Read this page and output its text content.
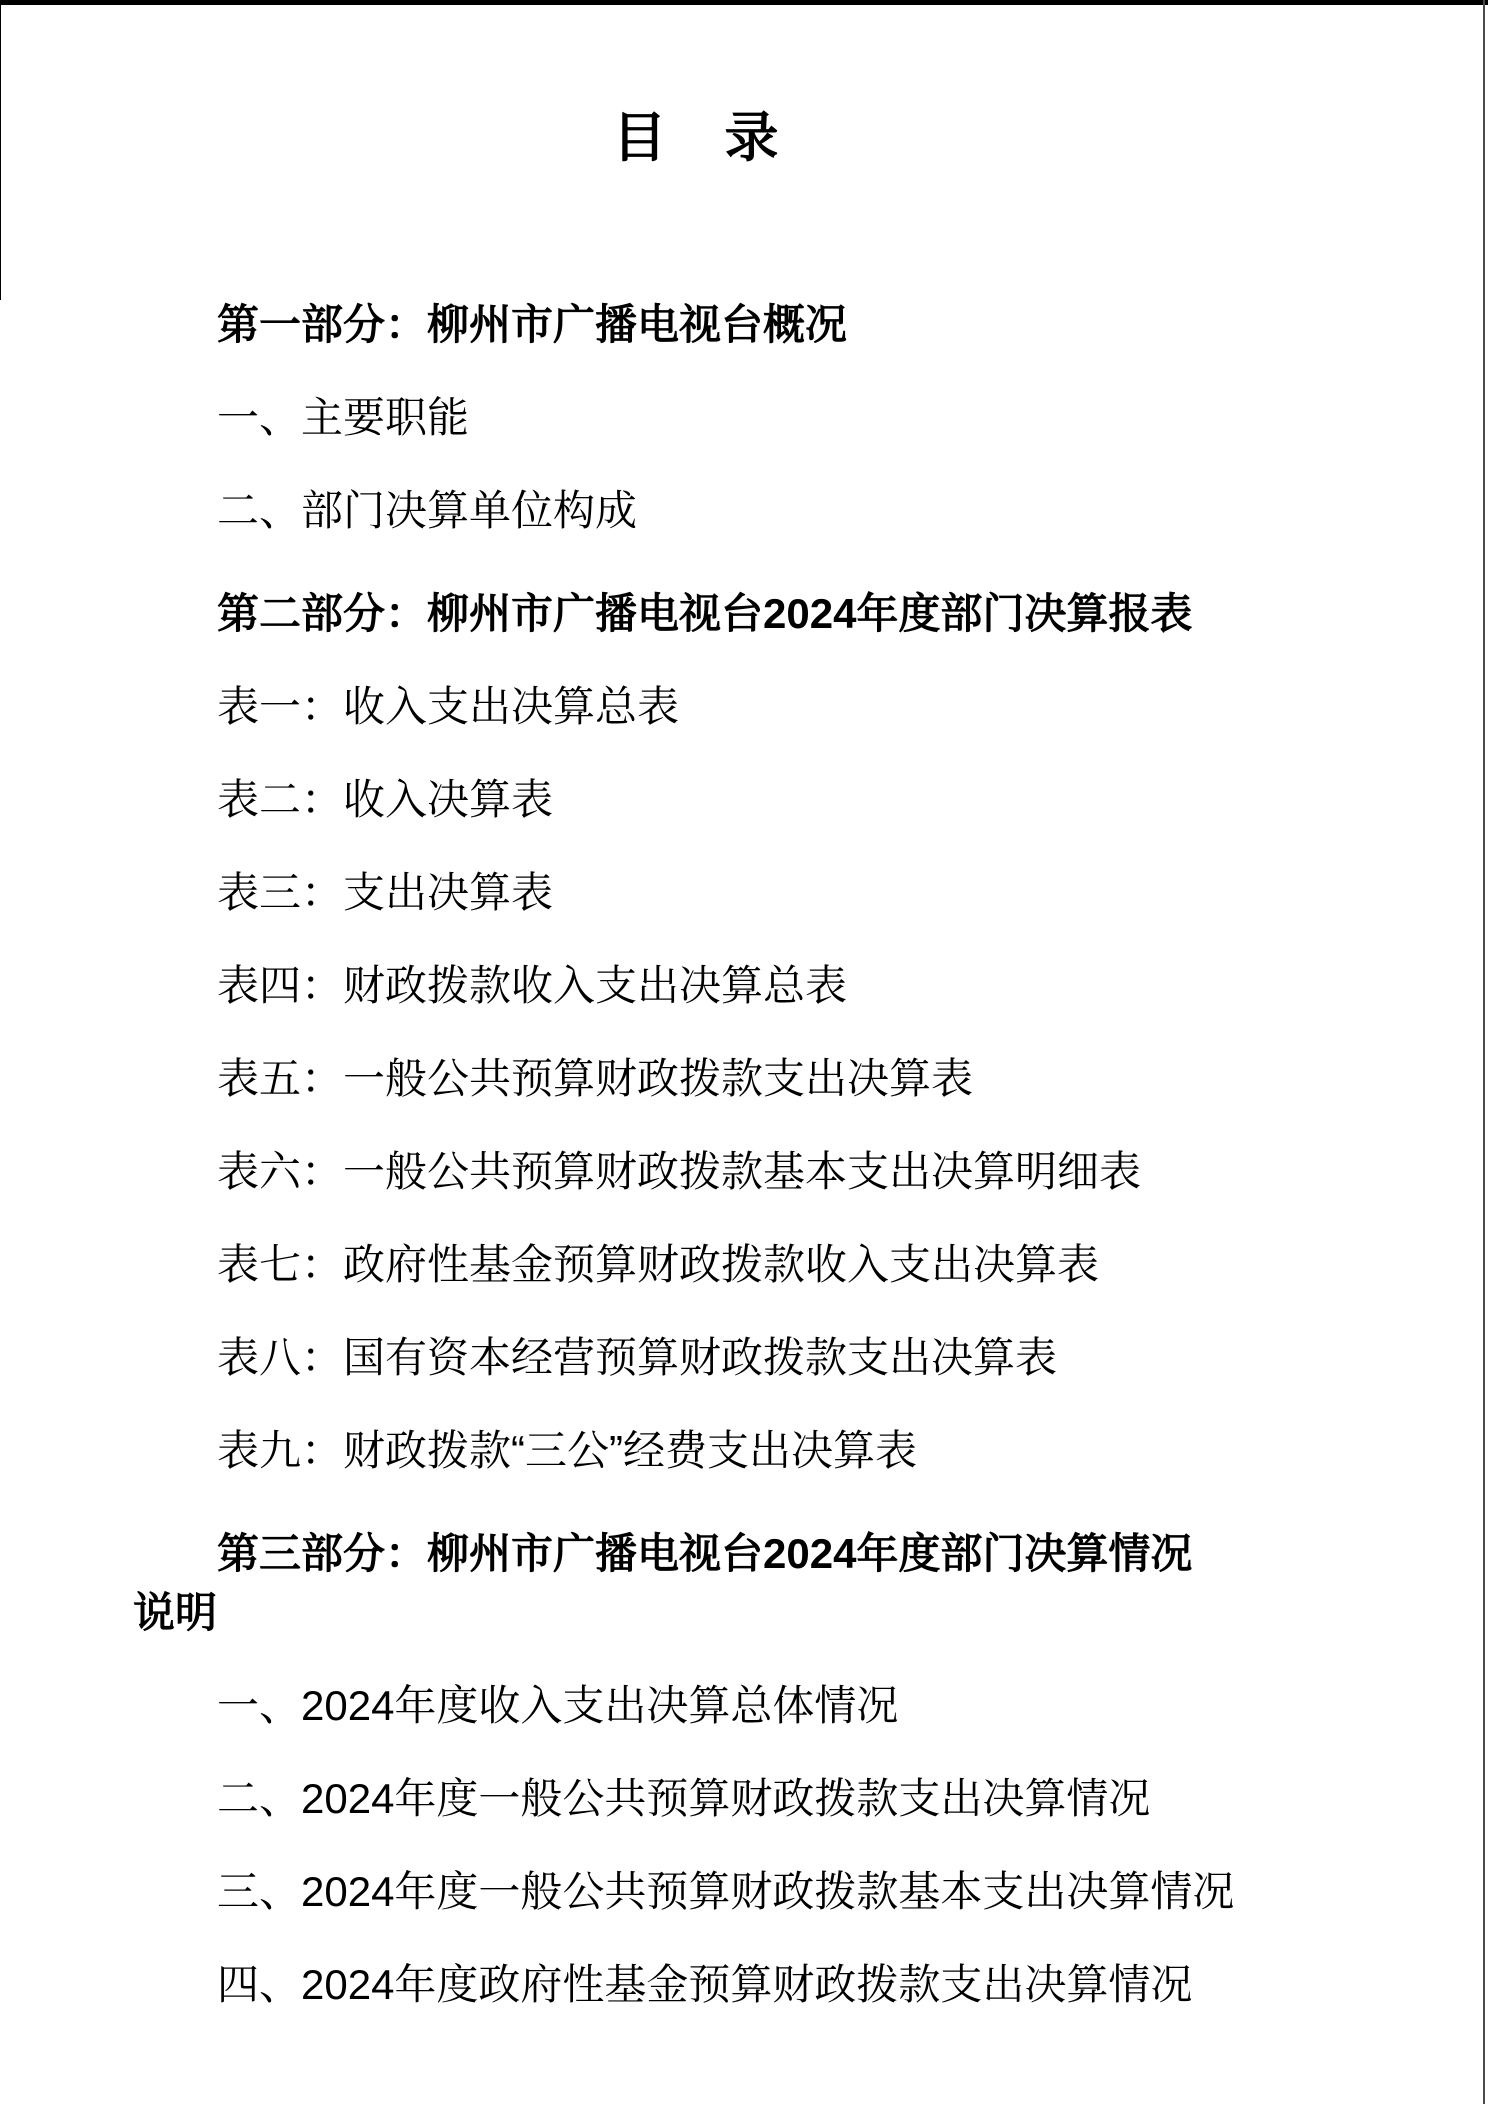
目　录
第一部分：柳州市广播电视台概况
一、主要职能
二、部门决算单位构成
第二部分：柳州市广播电视台2024年度部门决算报表
表一：收入支出决算总表
表二：收入决算表
表三：支出决算表
表四：财政拨款收入支出决算总表
表五：一般公共预算财政拨款支出决算表
表六：一般公共预算财政拨款基本支出决算明细表
表七：政府性基金预算财政拨款收入支出决算表
表八：国有资本经营预算财政拨款支出决算表
表九：财政拨款“三公”经费支出决算表
第三部分：柳州市广播电视台2024年度部门决算情况
说明
一、2024年度收入支出决算总体情况
二、2024年度一般公共预算财政拨款支出决算情况
三、2024年度一般公共预算财政拨款基本支出决算情况
四、2024年度政府性基金预算财政拨款支出决算情况
